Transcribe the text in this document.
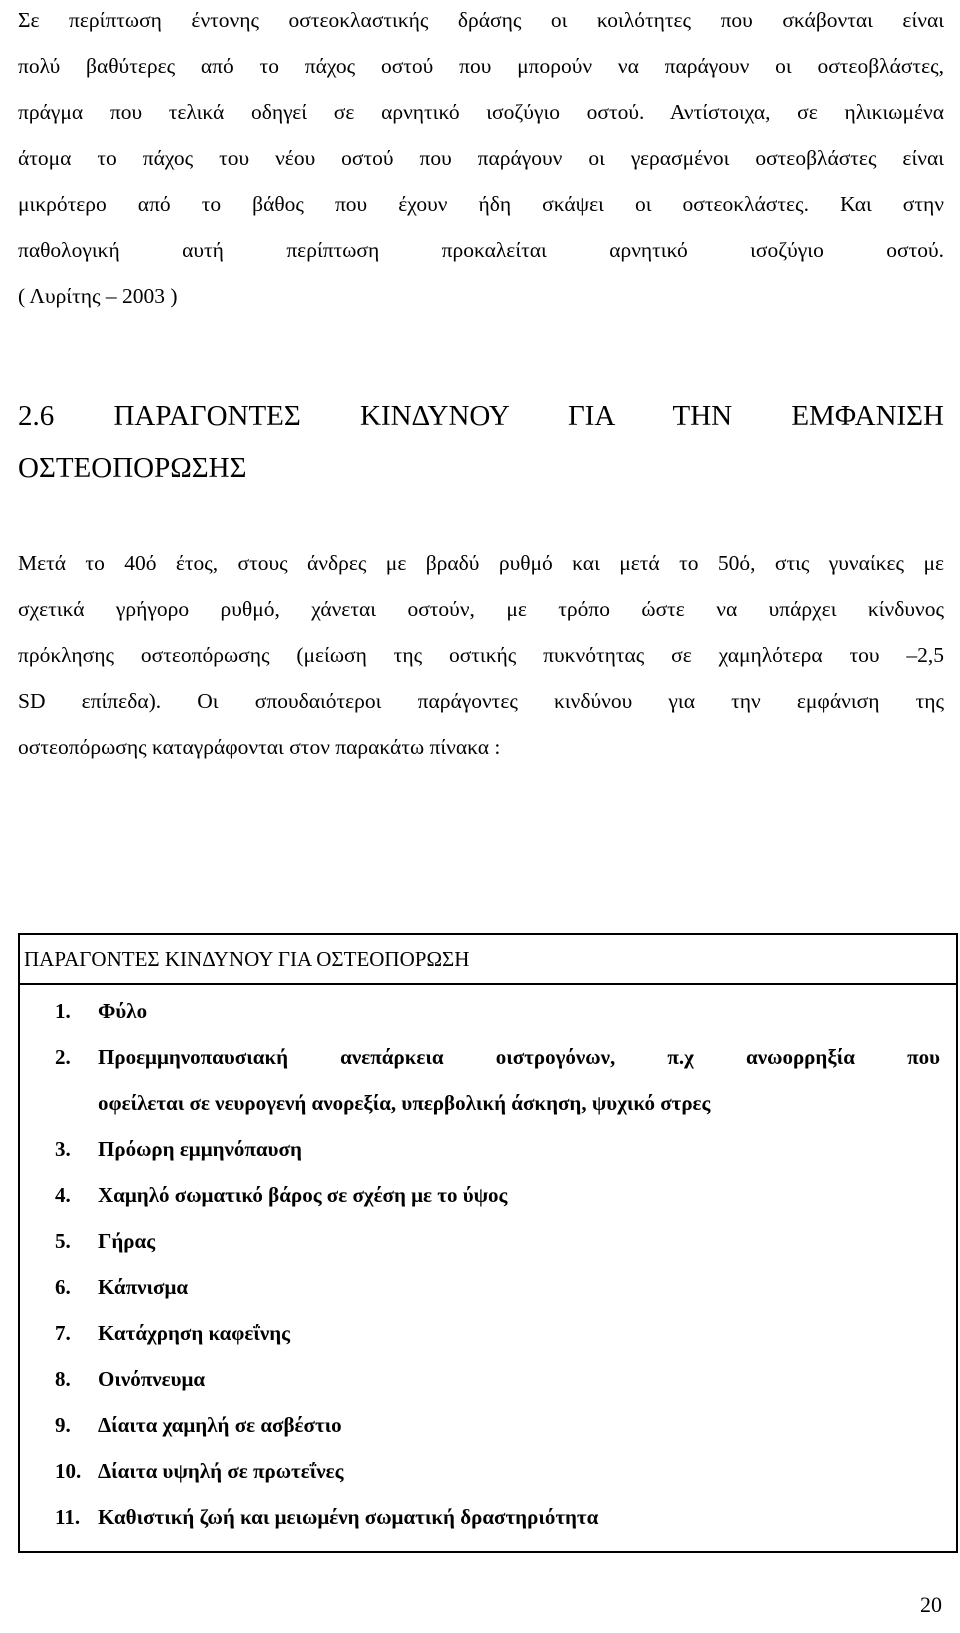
Σε περίπτωση έντονης οστεοκλαστικής δράσης οι κοιλότητες που σκάβονται είναι
πολύ βαθύτερες από το πάχος οστού που μπορούν να παράγουν οι οστεοβλάστες,
πράγμα που τελικά οδηγεί σε αρνητικό ισοζύγιο οστού. Αντίστοιχα, σε ηλικιωμένα
άτομα το πάχος του νέου οστού που παράγουν οι γερασμένοι οστεοβλάστες είναι
μικρότερο από το βάθος που έχουν ήδη σκάψει οι οστεοκλάστες. Και στην
παθολογική αυτή περίπτωση προκαλείται αρνητικό ισοζύγιο οστού.
( Λυρίτης – 2003 )
2.6 ΠΑΡΑΓΟΝΤΕΣ ΚΙΝΔΥΝΟΥ ΓΙΑ ΤΗΝ ΕΜΦΑΝΙΣΗ
ΟΣΤΕΟΠΟΡΩΣΗΣ
Μετά το 40ό έτος, στους άνδρες με βραδύ ρυθμό και μετά το 50ό, στις γυναίκες με
σχετικά γρήγορο ρυθμό, χάνεται οστούν, με τρόπο ώστε να υπάρχει κίνδυνος
πρόκλησης οστεοπόρωσης (μείωση της οστικής πυκνότητας σε χαμηλότερα του –2,5
SD επίπεδα). Οι σπουδαιότεροι παράγοντες κινδύνου για την εμφάνιση της
οστεοπόρωσης καταγράφονται στον παρακάτω πίνακα :
ΠΑΡΑΓΟΝΤΕΣ ΚΙΝΔΥΝΟΥ ΓΙΑ ΟΣΤΕΟΠΟΡΩΣΗ
1.	Φύλο
2.	Προεμμηνοπαυσιακή ανεπάρκεια οιστρογόνων, π.χ ανωορρηξία που
οφείλεται σε νευρογενή ανορεξία, υπερβολική άσκηση, ψυχικό στρες
3.	Πρόωρη εμμηνόπαυση
4.	Χαμηλό σωματικό βάρος σε σχέση με το ύψος
5.	Γήρας
6.	Κάπνισμα
7.	Κατάχρηση καφεΐνης
8.	Οινόπνευμα
9.	Δίαιτα χαμηλή σε ασβέστιο
10. Δίαιτα υψηλή σε πρωτεΐνες
11. Καθιστική ζωή και μειωμένη σωματική δραστηριότητα
20
